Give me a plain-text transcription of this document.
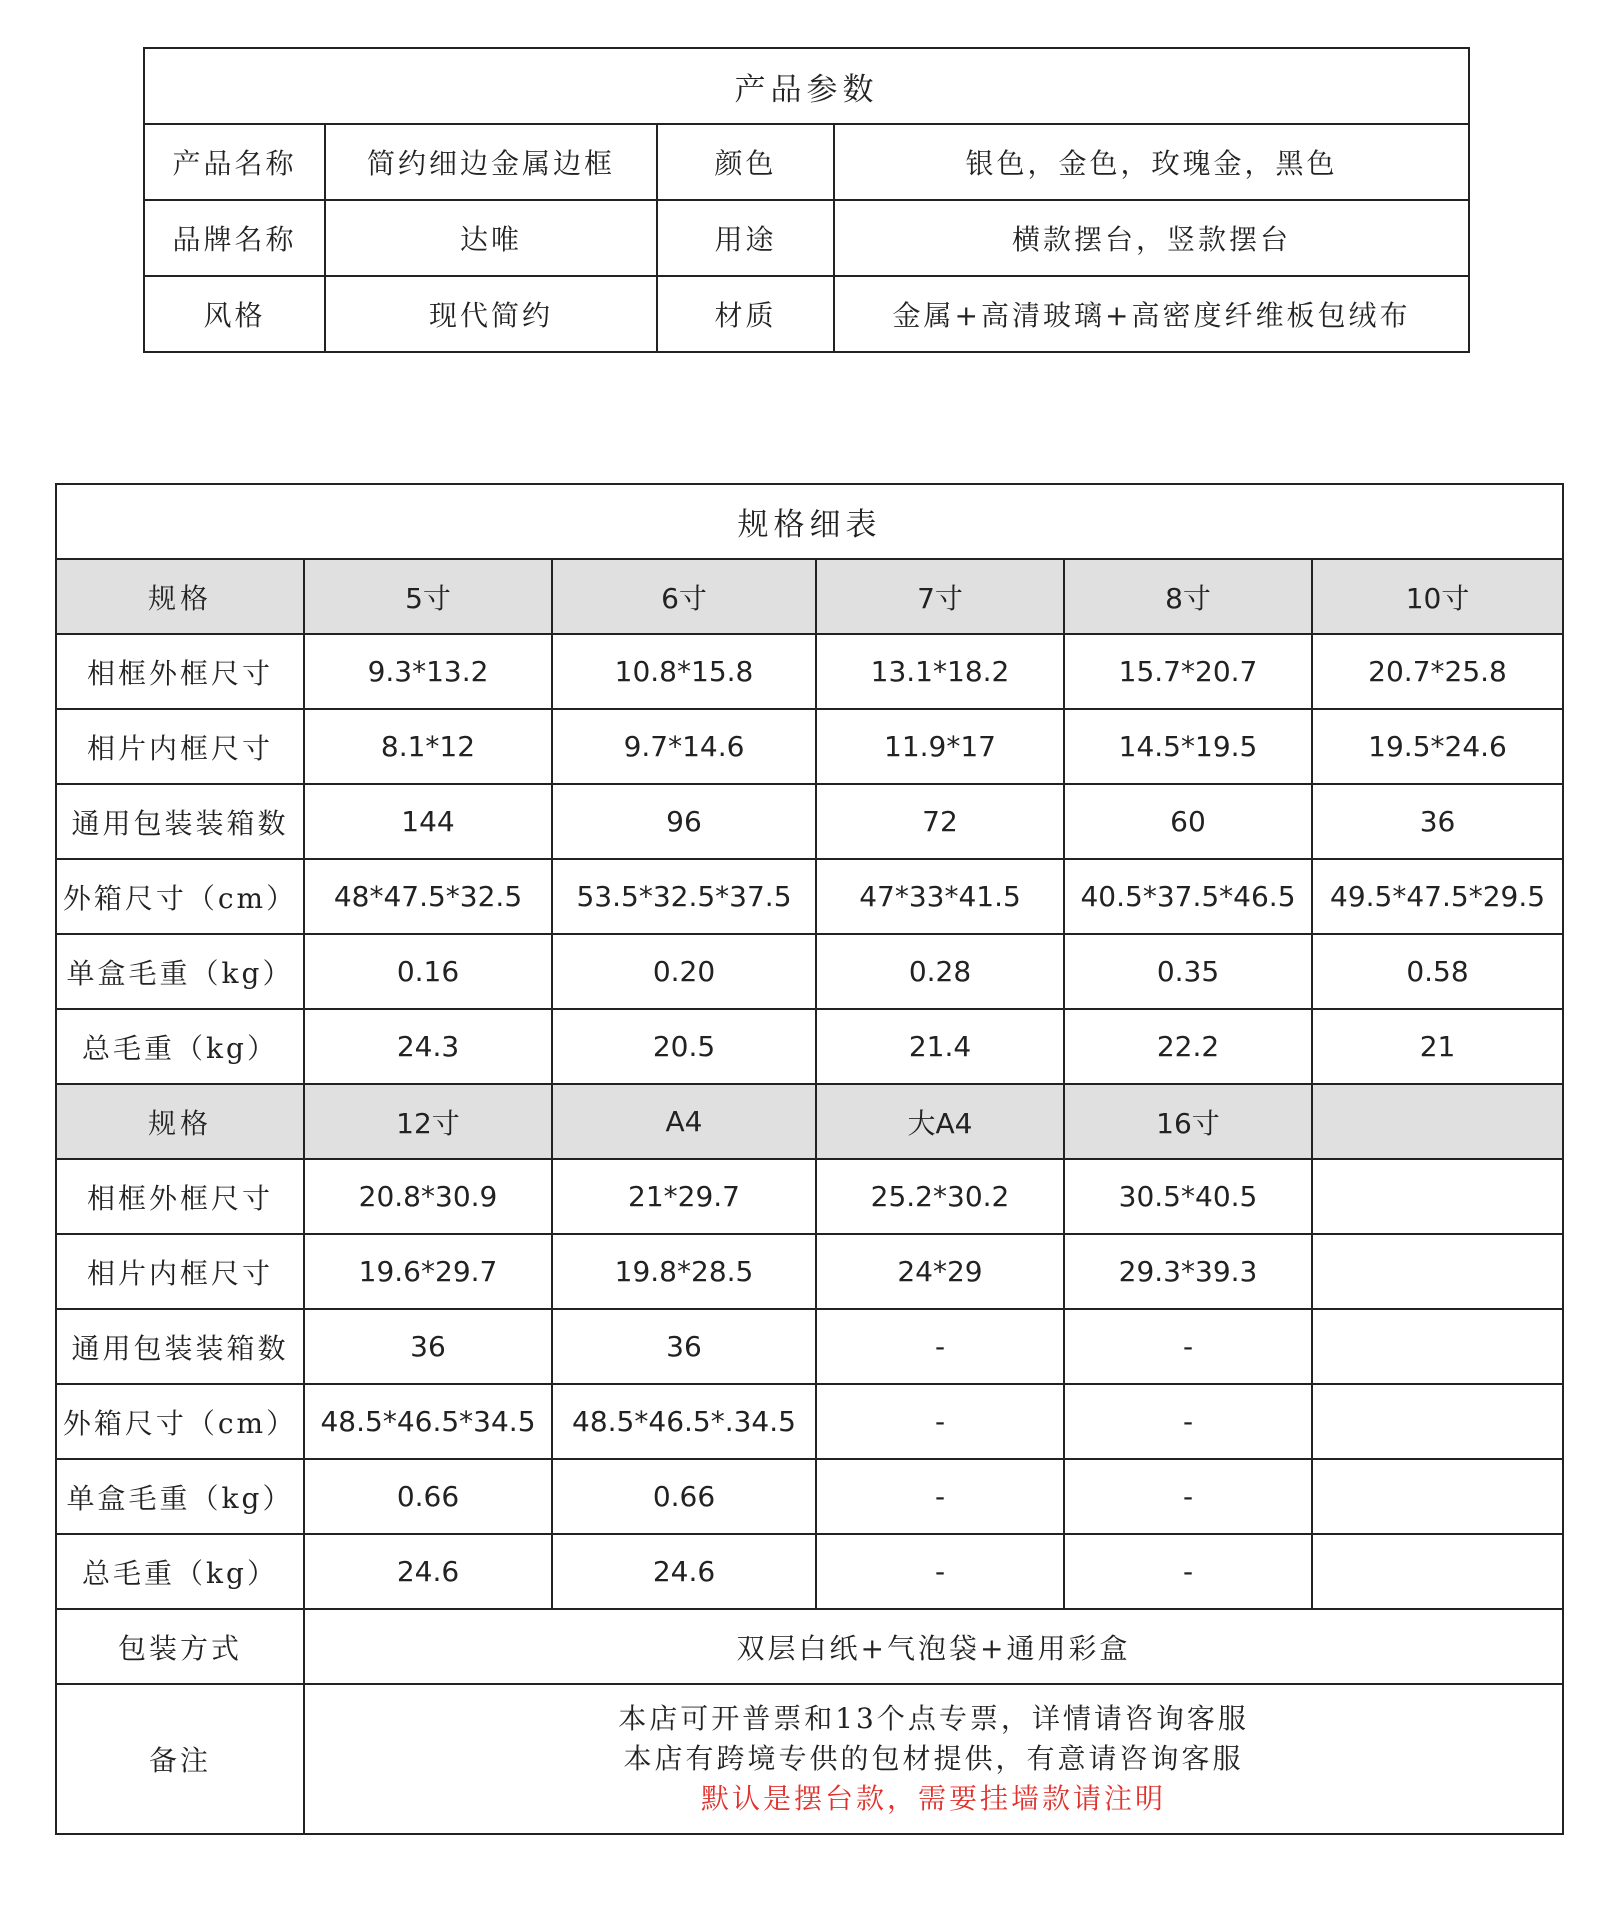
产品参数			
产品名称	简约细边金属边框	颜色	银色，金色，玫瑰金，黑色
品牌名称	达唯	用途	横款摆台，竖款摆台
风格	现代简约	材质	金属+高清玻璃+高密度纤维板包绒布
规格细表					
规格	5寸	6寸	7寸	8寸	10寸
相框外框尺寸	9.3*13.2	10.8*15.8	13.1*18.2	15.7*20.7	20.7*25.8
相片内框尺寸	8.1*12	9.7*14.6	11.9*17	14.5*19.5	19.5*24.6
通用包装装箱数	144	96	72	60	36
外箱尺寸（cm）	48*47.5*32.5	53.5*32.5*37.5	47*33*41.5	40.5*37.5*46.5	49.5*47.5*29.5
单盒毛重（kg）	0.16	0.20	0.28	0.35	0.58
总毛重（kg）	24.3	20.5	21.4	22.2	21
规格	12寸	A4	大A4	16寸	
相框外框尺寸	20.8*30.9	21*29.7	25.2*30.2	30.5*40.5	
相片内框尺寸	19.6*29.7	19.8*28.5	24*29	29.3*39.3	
通用包装装箱数	36	36	-	-	
外箱尺寸（cm）	48.5*46.5*34.5	48.5*46.5*.34.5	-	-	
单盒毛重（kg）	0.66	0.66	-	-	
总毛重（kg）	24.6	24.6	-	-	
包装方式	双层白纸+气泡袋+通用彩盒				
备注	本店可开普票和13个点专票，详情请咨询客服
本店有跨境专供的包材提供，有意请咨询客服
默认是摆台款，需要挂墙款请注明				
